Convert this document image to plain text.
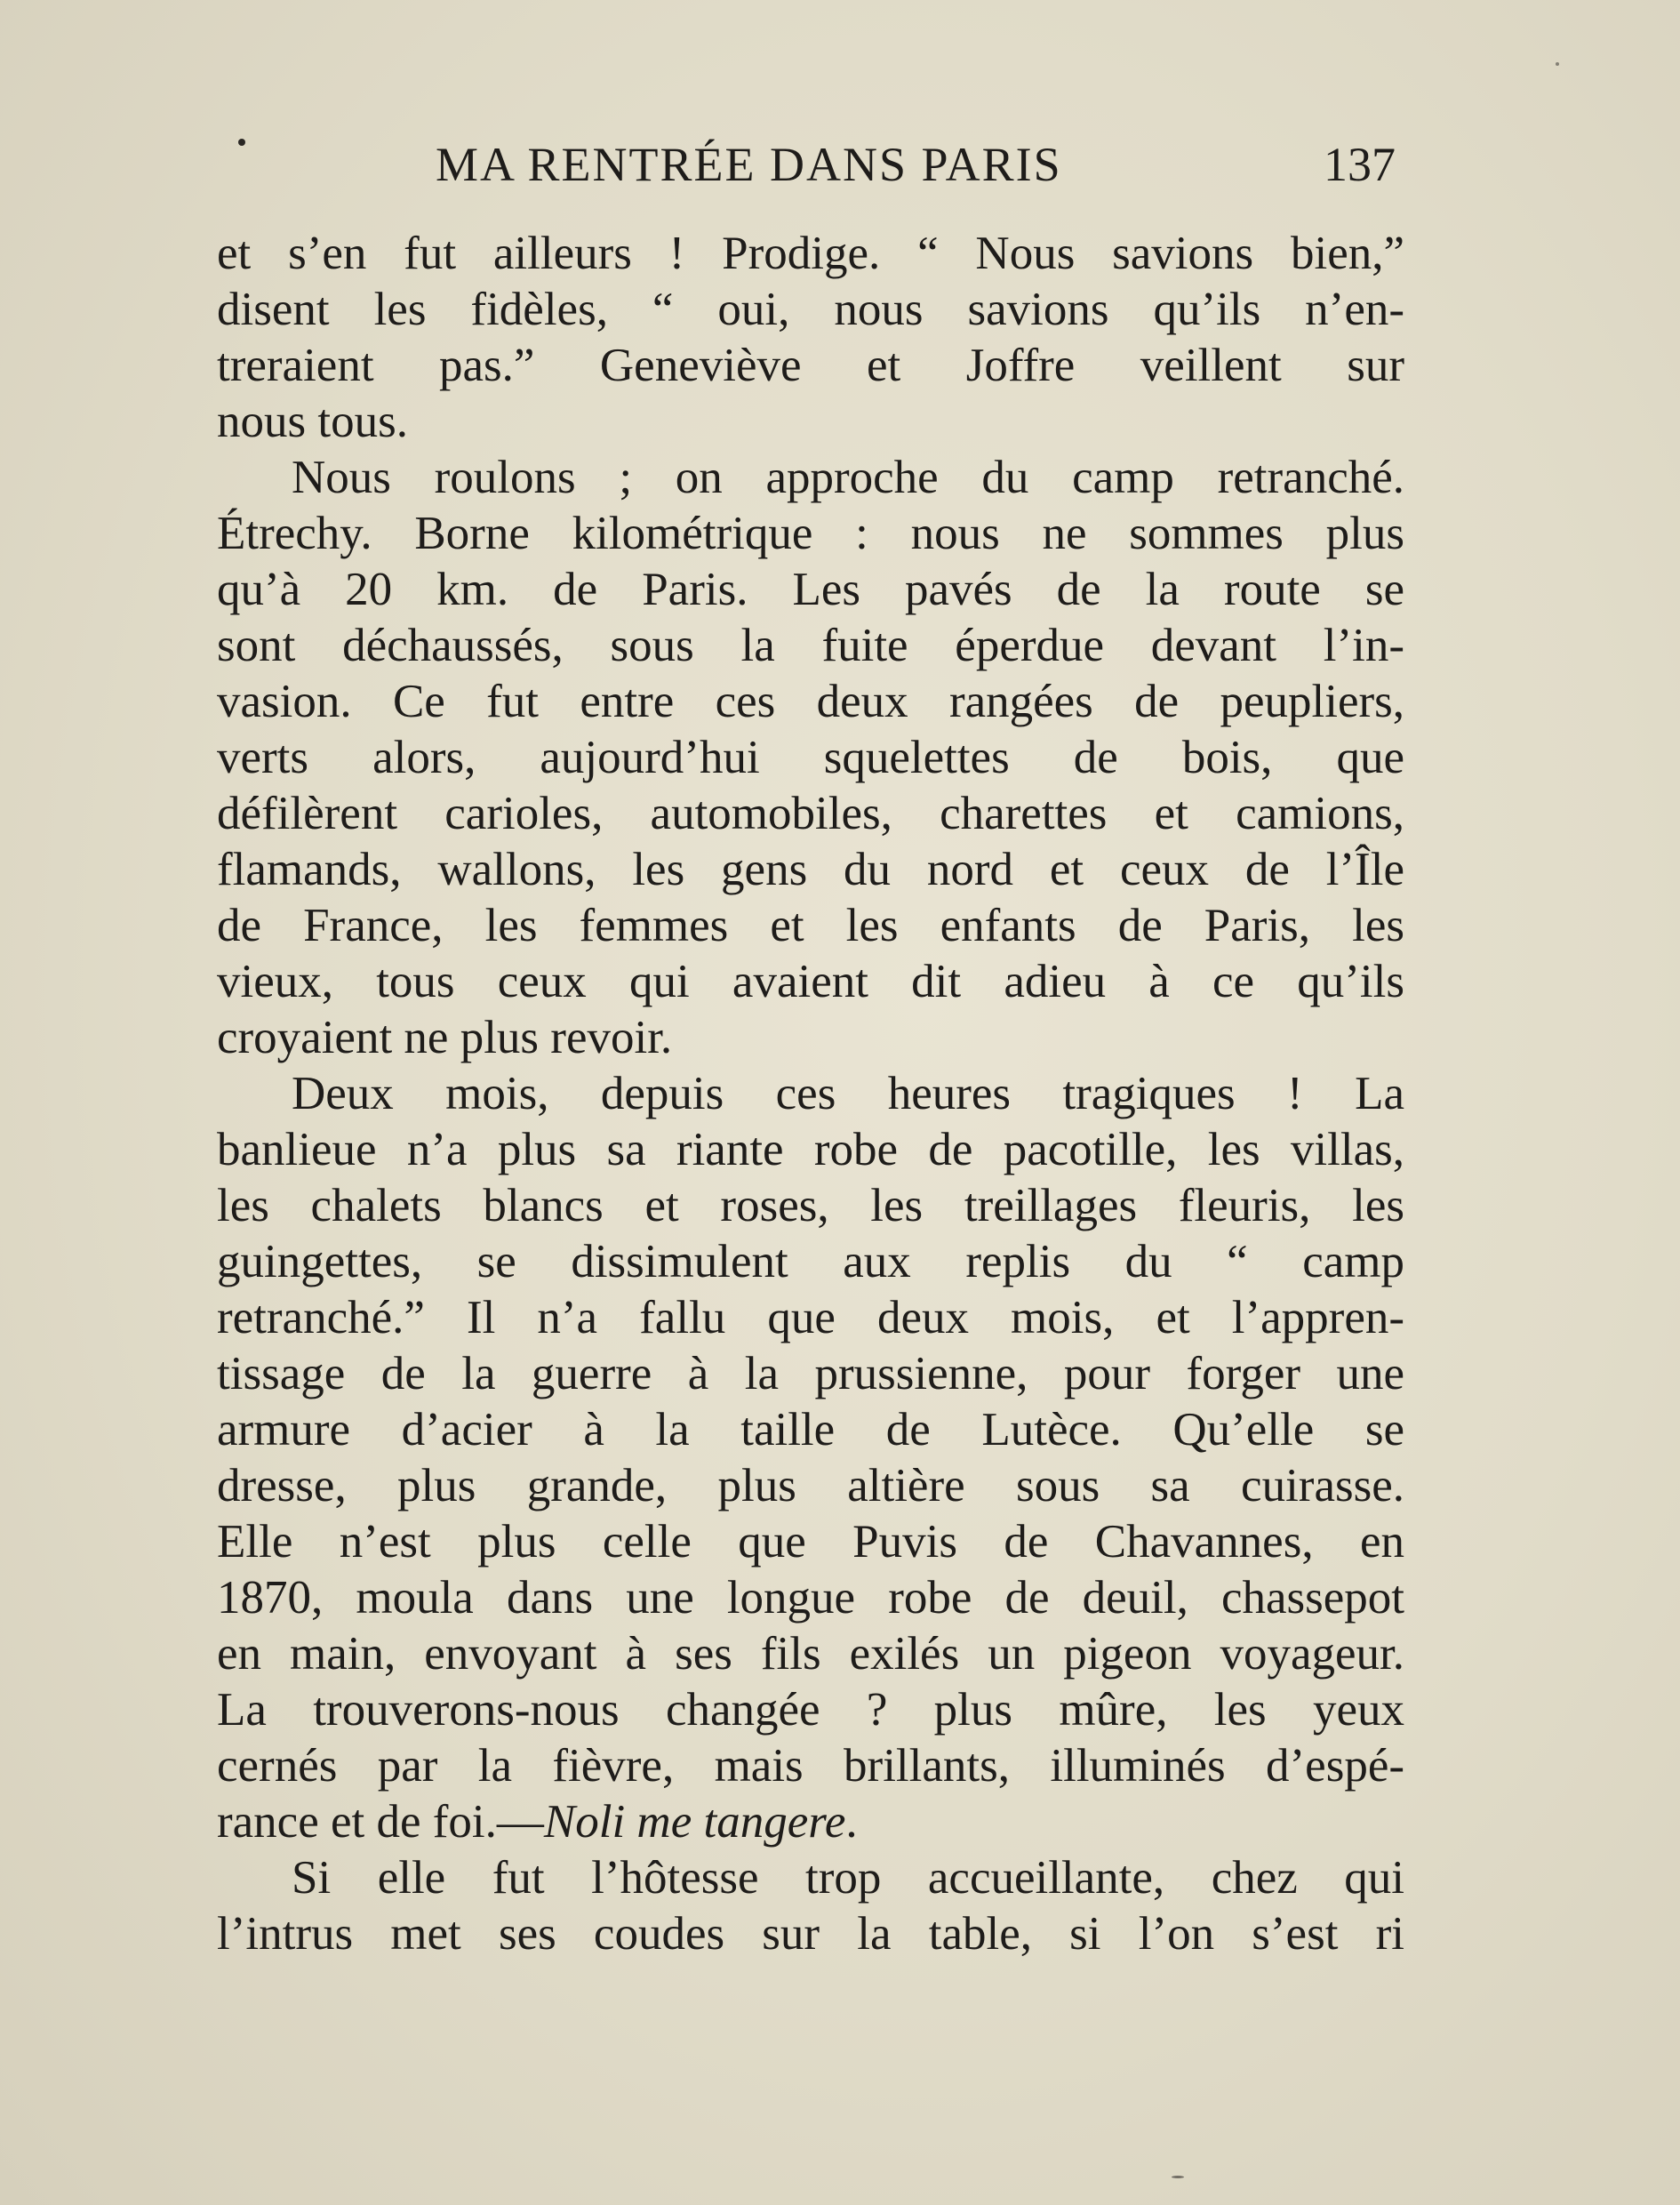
MA RENTRÉE DANS PARIS	137
et s’en fut ailleurs ! Prodige. “ Nous savions bien,”
disent les fidèles, “ oui, nous savions qu’ils n’en-
treraient pas.” Geneviève et Joffre veillent sur
nous tous.
Nous roulons ; on approche du camp retranché.
Étrechy. Borne kilométrique : nous ne sommes plus
qu’à 20 km. de Paris. Les pavés de la route se
sont déchaussés, sous la fuite éperdue devant l’in-
vasion. Ce fut entre ces deux rangées de peupliers,
verts alors, aujourd’hui squelettes de bois, que
défilèrent carioles, automobiles, charettes et camions,
flamands, wallons, les gens du nord et ceux de l’Île
de France, les femmes et les enfants de Paris, les
vieux, tous ceux qui avaient dit adieu à ce qu’ils
croyaient ne plus revoir.
Deux mois, depuis ces heures tragiques ! La
banlieue n’a plus sa riante robe de pacotille, les villas,
les chalets blancs et roses, les treillages fleuris, les
guingettes, se dissimulent aux replis du “ camp
retranché.” Il n’a fallu que deux mois, et l’appren-
tissage de la guerre à la prussienne, pour forger une
armure d’acier à la taille de Lutèce. Qu’elle se
dresse, plus grande, plus altière sous sa cuirasse.
Elle n’est plus celle que Puvis de Chavannes, en
1870, moula dans une longue robe de deuil, chassepot
en main, envoyant à ses fils exilés un pigeon voyageur.
La trouverons-nous changée ? plus mûre, les yeux
cernés par la fièvre, mais brillants, illuminés d’espé-
rance et de foi.—Noli me tangere.
Si elle fut l’hôtesse trop accueillante, chez qui
l’intrus met ses coudes sur la table, si l’on s’est ri
